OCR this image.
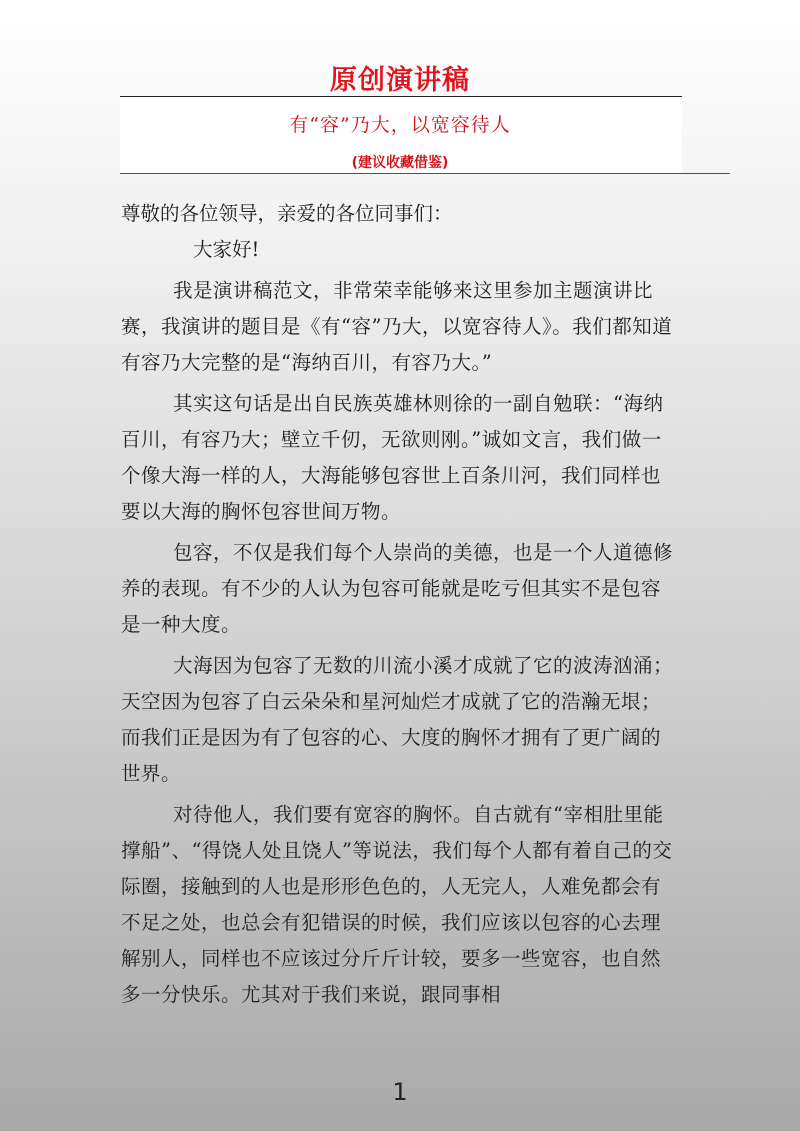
原创演讲稿
有“容”乃大，以宽容待人
(建议收藏借鉴)

尊敬的各位领导，亲爱的各位同事们：

大家好!

我是演讲稿范文，非常荣幸能够来这里参加主题演讲比赛，我演讲的题目是《有“容”乃大，以宽容待人》。我们都知道有容乃大完整的是“海纳百川，有容乃大。”

其实这句话是出自民族英雄林则徐的一副自勉联：“海纳百川，有容乃大；壁立千仞，无欲则刚。”诚如文言，我们做一个像大海一样的人，大海能够包容世上百条川河，我们同样也要以大海的胸怀包容世间万物。

包容，不仅是我们每个人崇尚的美德，也是一个人道德修养的表现。有不少的人认为包容可能就是吃亏但其实不是包容是一种大度。

大海因为包容了无数的川流小溪才成就了它的波涛汹涌；天空因为包容了白云朵朵和星河灿烂才成就了它的浩瀚无垠；而我们正是因为有了包容的心、大度的胸怀才拥有了更广阔的世界。

对待他人，我们要有宽容的胸怀。自古就有“宰相肚里能撑船”、“得饶人处且饶人”等说法，我们每个人都有着自己的交际圈，接触到的人也是形形色色的，人无完人，人难免都会有不足之处，也总会有犯错误的时候，我们应该以包容的心去理解别人，同样也不应该过分斤斤计较，要多一些宽容，也自然多一分快乐。尤其对于我们来说，跟同事相

1
